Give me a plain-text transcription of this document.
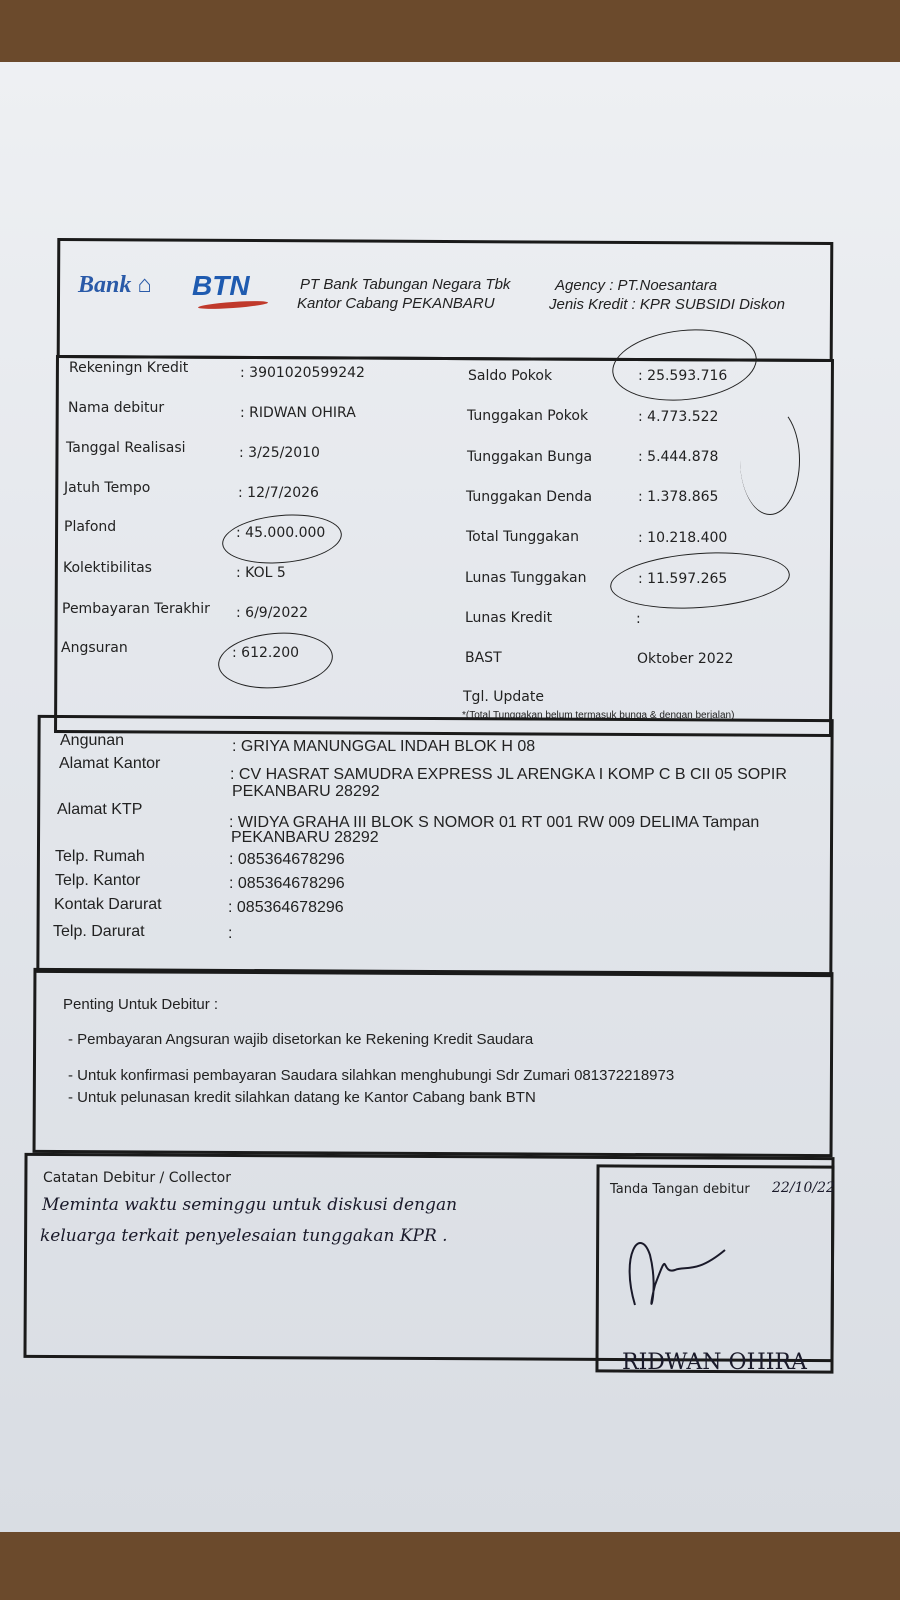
Bank ⌂ BTN	PT Bank Tabungan Negara Tbk
Kantor Cabang PEKANBARU
Agency : PT.Noesantara
Jenis Kredit : KPR SUBSIDI Diskon
Rekeningn Kredit	: 3901020599242
Nama debitur	: RIDWAN OHIRA
Tanggal Realisasi	: 3/25/2010
Jatuh Tempo	: 12/7/2026
Plafond	: 45.000.000
Kolektibilitas	: KOL 5
Pembayaran Terakhir : 6/9/2022
Angsuran	: 612.200
Saldo Pokok	: 25.593.716
Tunggakan Pokok	: 4.773.522
Tunggakan Bunga	: 5.444.878
Tunggakan Denda	: 1.378.865
Total Tunggakan	: 10.218.400
Lunas Tunggakan	: 11.597.265
Lunas Kredit	:
BAST	Oktober 2022
Tgl. Update
*(Total Tunggakan belum termasuk bunga & dengan berjalan)
Angunan	: GRIYA MANUNGGAL INDAH BLOK H 08
Alamat Kantor
: CV HASRAT SAMUDRA EXPRESS JL ARENGKA I KOMP C B CII 05 SOPIR
PEKANBARU 28292
Alamat KTP
: WIDYA GRAHA III BLOK S NOMOR 01 RT 001 RW 009 DELIMA Tampan
PEKANBARU 28292
Telp. Rumah	: 085364678296
Telp. Kantor	: 085364678296
Kontak Darurat	: 085364678296
Telp. Darurat	:
Penting Untuk Debitur :
- Pembayaran Angsuran wajib disetorkan ke Rekening Kredit Saudara
- Untuk konfirmasi pembayaran Saudara silahkan menghubungi Sdr Zumari 081372218973
- Untuk pelunasan kredit silahkan datang ke Kantor Cabang bank BTN
Catatan Debitur / Collector
Meminta waktu seminggu untuk diskusi dengan
keluarga terkait penyelesaian tunggakan KPR .
Tanda Tangan debitur 22/10/22
RIDWAN OHIRA
